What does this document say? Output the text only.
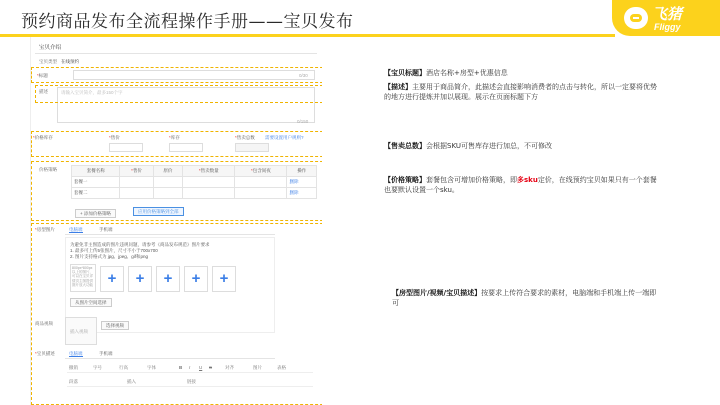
预约商品发布全流程操作手册——宝贝发布	飞猪
Fliggy
宝贝介绍
宝贝类型 在线预约
*标题	0/30
描述	请输入宝贝简介，最多150个字
0/150
*价格库存	*售价	*库存	*售卖总数 需要设置用户规则?
价格策略	套餐名称	*售价	原价	*售卖数量	*包含间夜	操作
套餐一					删除
套餐二					删除
+ 添加价格策略	应用价格策略到全部
*房型图片	电脑端	手机端
为避免非主图造成的图片违规问题，请参考《商品发布规范》图片要求
1. 最多可上传5张图片，尺寸不小于700x700
2. 图片支持格式为 jpg、jpeg、gif和png
800px*800px以上的图片，可以在宝贝详情页主图提供图片放大功能
+
+
+
+
+
从图片空间选择
商品视频
插入视频
选择视频
*宝贝描述	电脑端	手机端
撤销	字号	行高	字体	B I U S	对齐	图片	表格
段落	插入	链接
【宝贝标题】酒店名称+房型+优惠信息
【描述】主要用于商品简介，此描述会直接影响消费者的点击与转化，所以一定要将优势的地方进行提炼并加以展现。展示在页面标题下方
【售卖总数】会根据SKU可售库存进行加总，不可修改
【价格策略】套餐包含可增加价格策略，即多sku定价，在线预约宝贝如果只有一个套餐也要默认设置一个sku。
【房型图片/视频/宝贝描述】按要求上传符合要求的素材，电脑端和手机端上传一端即可
